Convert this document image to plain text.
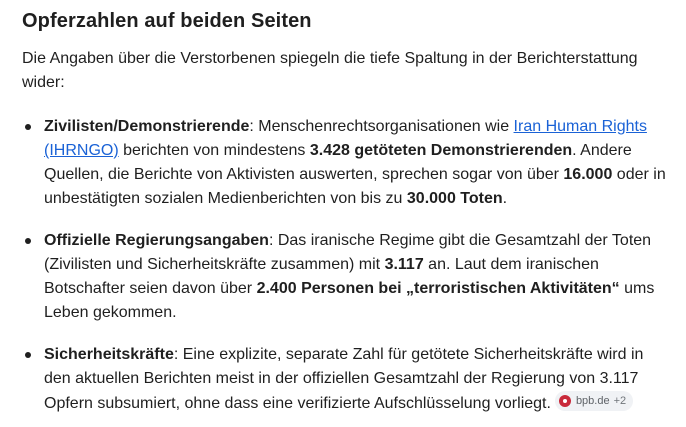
Opferzahlen auf beiden Seiten

Die Angaben über die Verstorbenen spiegeln die tiefe Spaltung in der Berichterstattung wider:

Zivilisten/Demonstrierende: Menschenrechtsorganisationen wie Iran Human Rights (IHRNGO) berichten von mindestens 3.428 getöteten Demonstrierenden. Andere Quellen, die Berichte von Aktivisten auswerten, sprechen sogar von über 16.000 oder in unbestätigten sozialen Medienberichten von bis zu 30.000 Toten.
Offizielle Regierungsangaben: Das iranische Regime gibt die Gesamtzahl der Toten (Zivilisten und Sicherheitskräfte zusammen) mit 3.117 an. Laut dem iranischen Botschafter seien davon über 2.400 Personen bei „terroristischen Aktivitäten“ ums Leben gekommen.
Sicherheitskräfte: Eine explizite, separate Zahl für getötete Sicherheitskräfte wird in den aktuellen Berichten meist in der offiziellen Gesamtzahl der Regierung von 3.117 Opfern subsumiert, ohne dass eine verifizierte Aufschlüsselung vorliegt. bpb.de +2
